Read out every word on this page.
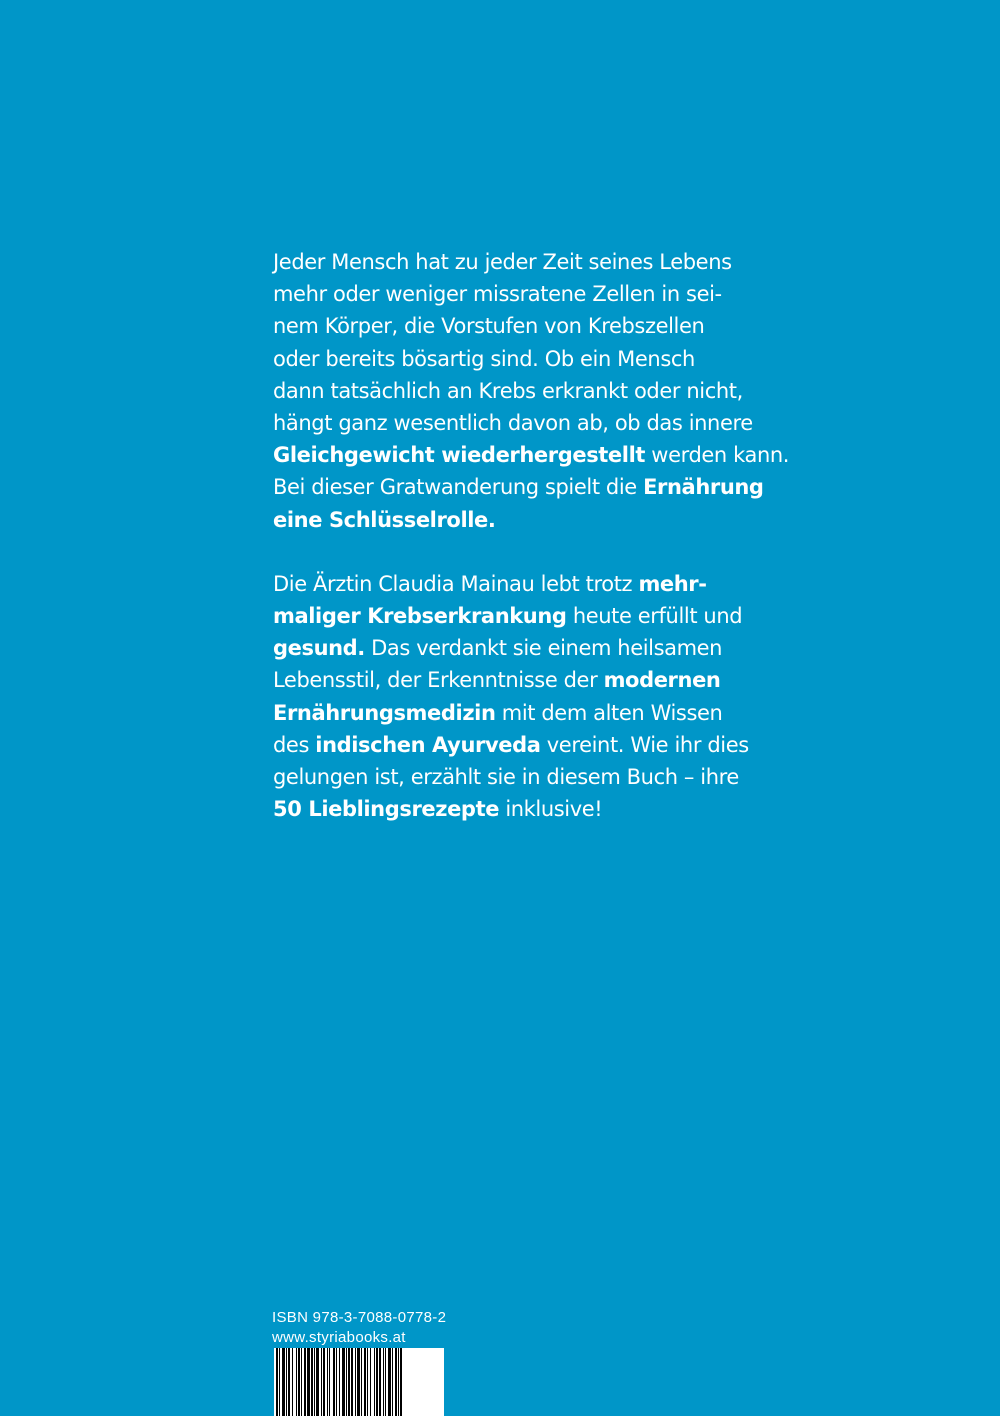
Jeder Mensch hat zu jeder Zeit seines Lebens
mehr oder weniger missratene Zellen in sei-
nem Körper, die Vorstufen von Krebszellen
oder bereits bösartig sind. Ob ein Mensch
dann tatsächlich an Krebs erkrankt oder nicht,
hängt ganz wesentlich davon ab, ob das innere
Gleichgewicht wiederhergestellt werden kann.
Bei dieser Gratwanderung spielt die Ernährung
eine Schlüsselrolle.
Die Ärztin Claudia Mainau lebt trotz mehr-
maliger Krebserkrankung heute erfüllt und
gesund. Das verdankt sie einem heilsamen
Lebensstil, der Erkenntnisse der modernen
Ernährungsmedizin mit dem alten Wissen
des indischen Ayurveda vereint. Wie ihr dies
gelungen ist, erzählt sie in diesem Buch – ihre
50 Lieblingsrezepte inklusive!
ISBN 978-3-7088-0778-2
www.styriabooks.at
